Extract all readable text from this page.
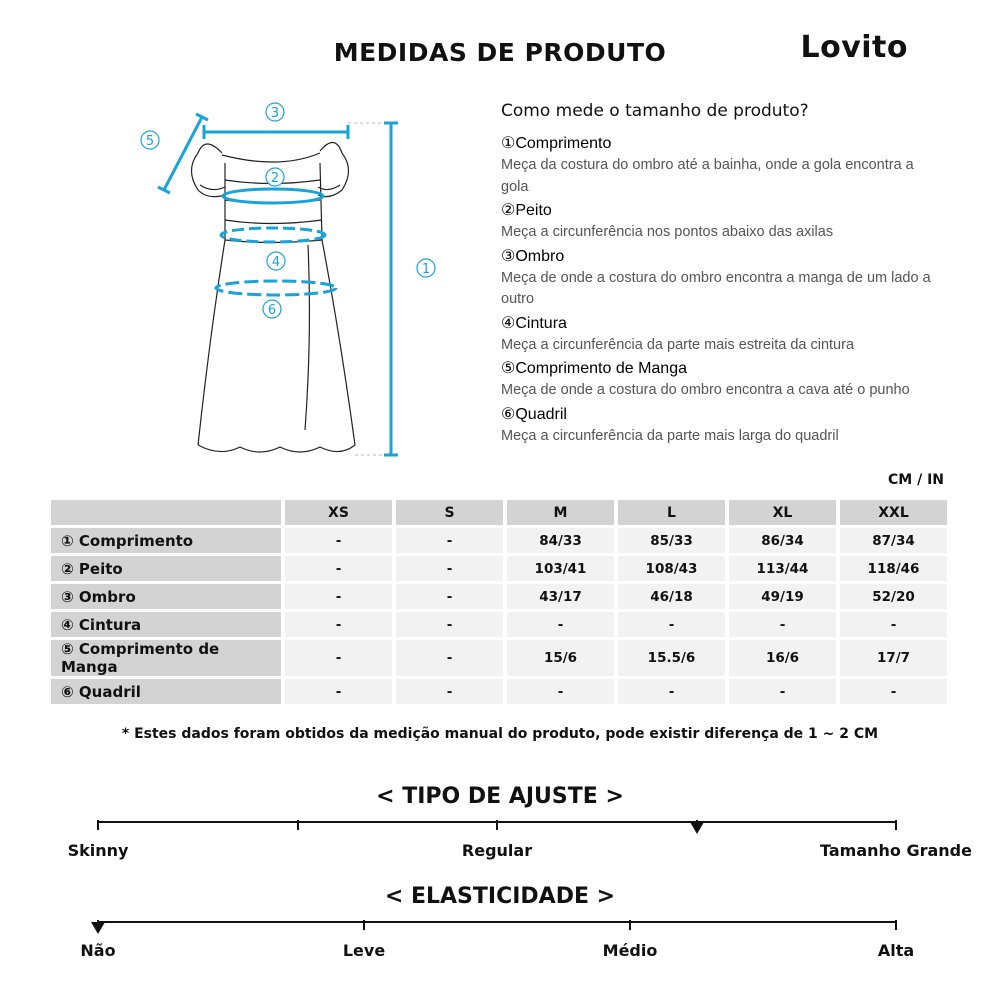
MEDIDAS DE PRODUTO	Lovito
3
5
2
4
6
1
Como mede o tamanho de produto?
①Comprimento
Meça da costura do ombro até a bainha, onde a gola encontra a gola
②Peito
Meça a circunferência nos pontos abaixo das axilas
③Ombro
Meça de onde a costura do ombro encontra a manga de um lado a outro
④Cintura
Meça a circunferência da parte mais estreita da cintura
⑤Comprimento de Manga
Meça de onde a costura do ombro encontra a cava até o punho
⑥Quadril
Meça a circunferência da parte mais larga do quadril
CM / IN
	XS	S	M	L	XL	XXL
① Comprimento	-	-	84/33	85/33	86/34	87/34
② Peito	-	-	103/41	108/43	113/44	118/46
③ Ombro	-	-	43/17	46/18	49/19	52/20
④ Cintura	-	-	-	-	-	-
⑤ Comprimento de Manga	-	-	15/6	15.5/6	16/6	17/7
⑥ Quadril	-	-	-	-	-	-
* Estes dados foram obtidos da medição manual do produto, pode existir diferença de 1 ~ 2 CM
< TIPO DE AJUSTE >
Skinny	Regular	Tamanho Grande
< ELASTICIDADE >
Não	Leve	Médio	Alta
